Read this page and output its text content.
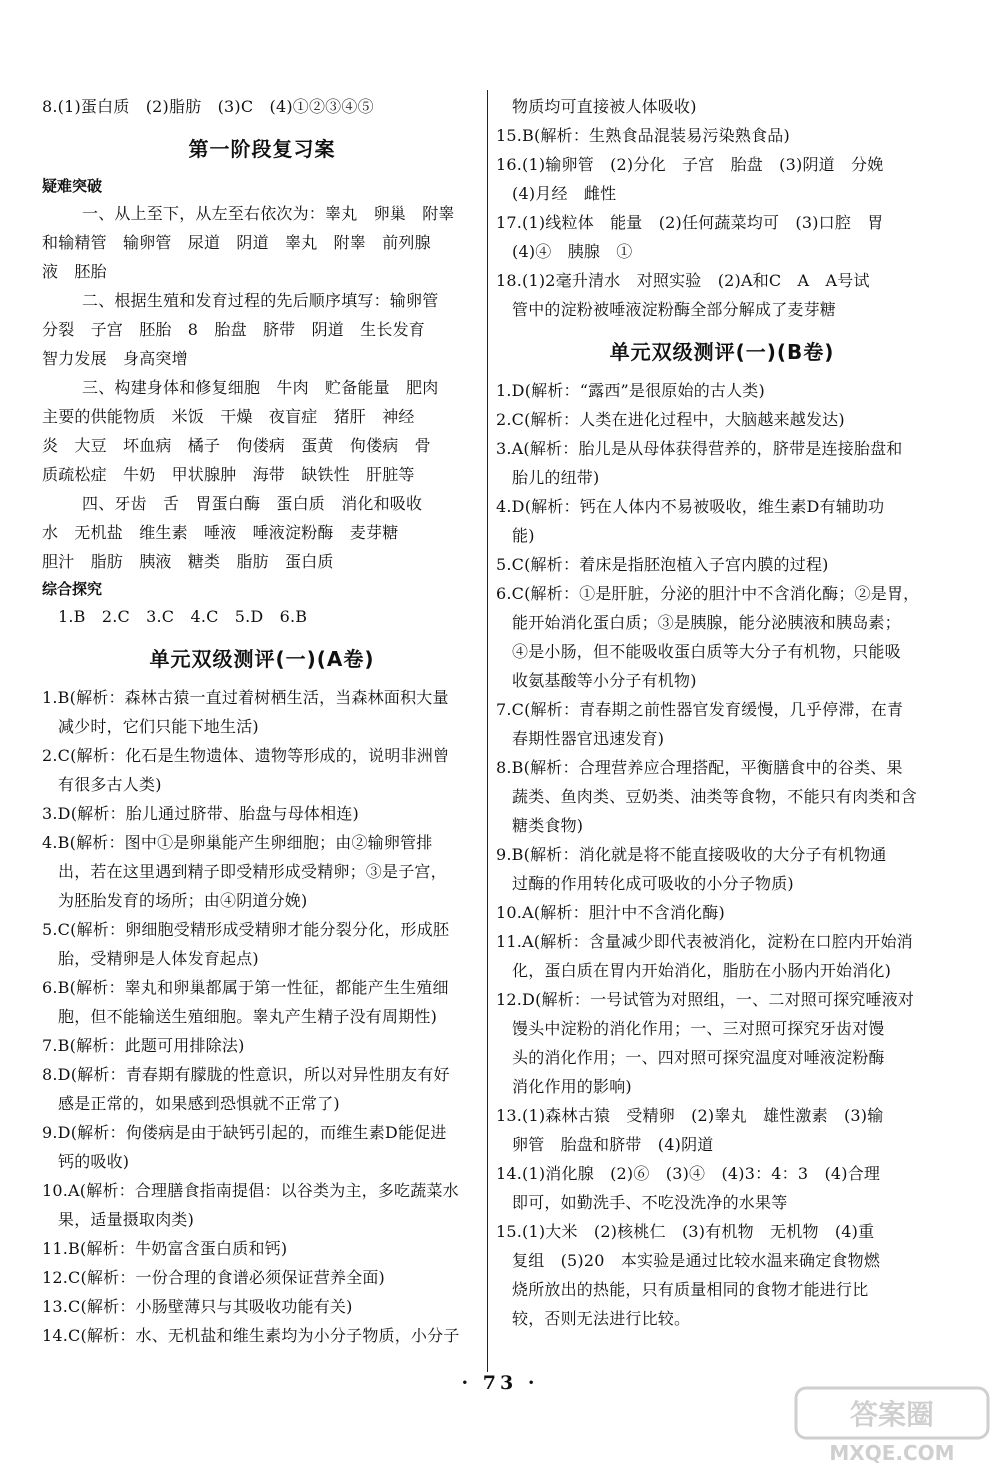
8.(1)蛋白质　(2)脂肪　(3)C　(4)①②③④⑤
第一阶段复习案
疑难突破
一、从上至下，从左至右依次为：睾丸　卵巢　附睾
和输精管　输卵管　尿道　阴道　睾丸　附睾　前列腺
液　胚胎
二、根据生殖和发育过程的先后顺序填写：输卵管
分裂　子宫　胚胎　8　胎盘　脐带　阴道　生长发育
智力发展　身高突增
三、构建身体和修复细胞　牛肉　贮备能量　肥肉
主要的供能物质　米饭　干燥　夜盲症　猪肝　神经
炎　大豆　坏血病　橘子　佝偻病　蛋黄　佝偻病　骨
质疏松症　牛奶　甲状腺肿　海带　缺铁性　肝脏等
四、牙齿　舌　胃蛋白酶　蛋白质　消化和吸收
水　无机盐　维生素　唾液　唾液淀粉酶　麦芽糖
胆汁　脂肪　胰液　糖类　脂肪　蛋白质
综合探究
1.B　2.C　3.C　4.C　5.D　6.B
单元双级测评(一)(A卷)
1.B(解析：森林古猿一直过着树栖生活，当森林面积大量
减少时，它们只能下地生活)
2.C(解析：化石是生物遗体、遗物等形成的，说明非洲曾
有很多古人类)
3.D(解析：胎儿通过脐带、胎盘与母体相连)
4.B(解析：图中①是卵巢能产生卵细胞；由②输卵管排
出，若在这里遇到精子即受精形成受精卵；③是子宫，
为胚胎发育的场所；由④阴道分娩)
5.C(解析：卵细胞受精形成受精卵才能分裂分化，形成胚
胎，受精卵是人体发育起点)
6.B(解析：睾丸和卵巢都属于第一性征，都能产生生殖细
胞，但不能输送生殖细胞。睾丸产生精子没有周期性)
7.B(解析：此题可用排除法)
8.D(解析：青春期有朦胧的性意识，所以对异性朋友有好
感是正常的，如果感到恐惧就不正常了)
9.D(解析：佝偻病是由于缺钙引起的，而维生素D能促进
钙的吸收)
10.A(解析：合理膳食指南提倡：以谷类为主，多吃蔬菜水
果，适量摄取肉类)
11.B(解析：牛奶富含蛋白质和钙)
12.C(解析：一份合理的食谱必须保证营养全面)
13.C(解析：小肠壁薄只与其吸收功能有关)
14.C(解析：水、无机盐和维生素均为小分子物质，小分子
物质均可直接被人体吸收)
15.B(解析：生熟食品混装易污染熟食品)
16.(1)输卵管　(2)分化　子宫　胎盘　(3)阴道　分娩
(4)月经　雌性
17.(1)线粒体　能量　(2)任何蔬菜均可　(3)口腔　胃
(4)④　胰腺　①
18.(1)2毫升清水　对照实验　(2)A和C　A　A号试
管中的淀粉被唾液淀粉酶全部分解成了麦芽糖
单元双级测评(一)(B卷)
1.D(解析：“露西”是很原始的古人类)
2.C(解析：人类在进化过程中，大脑越来越发达)
3.A(解析：胎儿是从母体获得营养的，脐带是连接胎盘和
胎儿的纽带)
4.D(解析：钙在人体内不易被吸收，维生素D有辅助功
能)
5.C(解析：着床是指胚泡植入子宫内膜的过程)
6.C(解析：①是肝脏，分泌的胆汁中不含消化酶；②是胃，
能开始消化蛋白质；③是胰腺，能分泌胰液和胰岛素；
④是小肠，但不能吸收蛋白质等大分子有机物，只能吸
收氨基酸等小分子有机物)
7.C(解析：青春期之前性器官发育缓慢，几乎停滞，在青
春期性器官迅速发育)
8.B(解析：合理营养应合理搭配，平衡膳食中的谷类、果
蔬类、鱼肉类、豆奶类、油类等食物，不能只有肉类和含
糖类食物)
9.B(解析：消化就是将不能直接吸收的大分子有机物通
过酶的作用转化成可吸收的小分子物质)
10.A(解析：胆汁中不含消化酶)
11.A(解析：含量减少即代表被消化，淀粉在口腔内开始消
化，蛋白质在胃内开始消化，脂肪在小肠内开始消化)
12.D(解析：一号试管为对照组，一、二对照可探究唾液对
馒头中淀粉的消化作用；一、三对照可探究牙齿对馒
头的消化作用；一、四对照可探究温度对唾液淀粉酶
消化作用的影响)
13.(1)森林古猿　受精卵　(2)睾丸　雄性激素　(3)输
卵管　胎盘和脐带　(4)阴道
14.(1)消化腺　(2)⑥　(3)④　(4)3：4：3　(4)合理
即可，如勤洗手、不吃没洗净的水果等
15.(1)大米　(2)核桃仁　(3)有机物　无机物　(4)重
复组　(5)20　本实验是通过比较水温来确定食物燃
烧所放出的热能，只有质量相同的食物才能进行比
较，否则无法进行比较。
· 73 ·
答案圈
MXQE.COM
